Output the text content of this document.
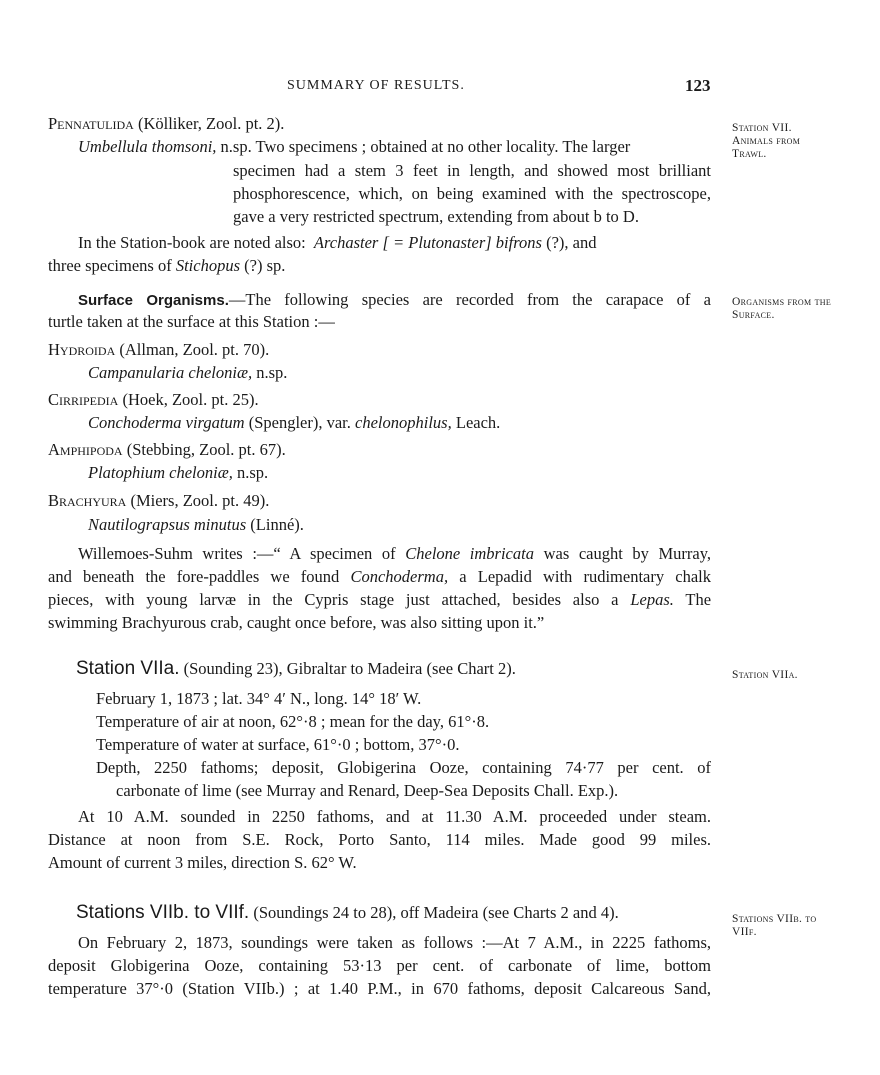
SUMMARY OF RESULTS.	123
Station VII. Animals from Trawl.
Organisms from the Surface.
Station VIIa.
Stations VIIb. to VIIf.
Pennatulida (Kölliker, Zool. pt. 2).
Umbellula thomsoni, n.sp. Two specimens ; obtained at no other locality. The larger
specimen had a stem 3 feet in length, and showed most brilliant
phosphorescence, which, on being examined with the spectroscope,
gave a very restricted spectrum, extending from about b to D.
In the Station-book are noted also: Archaster [ = Plutonaster] bifrons (?), and
three specimens of Stichopus (?) sp.
Surface Organisms.—The following species are recorded from the carapace of a
turtle taken at the surface at this Station :—
Hydroida (Allman, Zool. pt. 70).
Campanularia cheloniæ, n.sp.
Cirripedia (Hoek, Zool. pt. 25).
Conchoderma virgatum (Spengler), var. chelonophilus, Leach.
Amphipoda (Stebbing, Zool. pt. 67).
Platophium cheloniæ, n.sp.
Brachyura (Miers, Zool. pt. 49).
Nautilograpsus minutus (Linné).
Willemoes-Suhm writes :—“ A specimen of Chelone imbricata was caught by Murray,
and beneath the fore-paddles we found Conchoderma, a Lepadid with rudimentary chalk
pieces, with young larvæ in the Cypris stage just attached, besides also a Lepas. The
swimming Brachyurous crab, caught once before, was also sitting upon it.”
Station VIIa. (Sounding 23), Gibraltar to Madeira (see Chart 2).
February 1, 1873 ; lat. 34° 4′ N., long. 14° 18′ W.
Temperature of air at noon, 62°·8 ; mean for the day, 61°·8.
Temperature of water at surface, 61°·0 ; bottom, 37°·0.
Depth, 2250 fathoms; deposit, Globigerina Ooze, containing 74·77 per cent. of
carbonate of lime (see Murray and Renard, Deep-Sea Deposits Chall. Exp.).
At 10 A.M. sounded in 2250 fathoms, and at 11.30 A.M. proceeded under steam.
Distance at noon from S.E. Rock, Porto Santo, 114 miles. Made good 99 miles.
Amount of current 3 miles, direction S. 62° W.
Stations VIIb. to VIIf. (Soundings 24 to 28), off Madeira (see Charts 2 and 4).
On February 2, 1873, soundings were taken as follows :—At 7 A.M., in 2225 fathoms,
deposit Globigerina Ooze, containing 53·13 per cent. of carbonate of lime, bottom
temperature 37°·0 (Station VIIb.) ; at 1.40 P.M., in 670 fathoms, deposit Calcareous Sand,
